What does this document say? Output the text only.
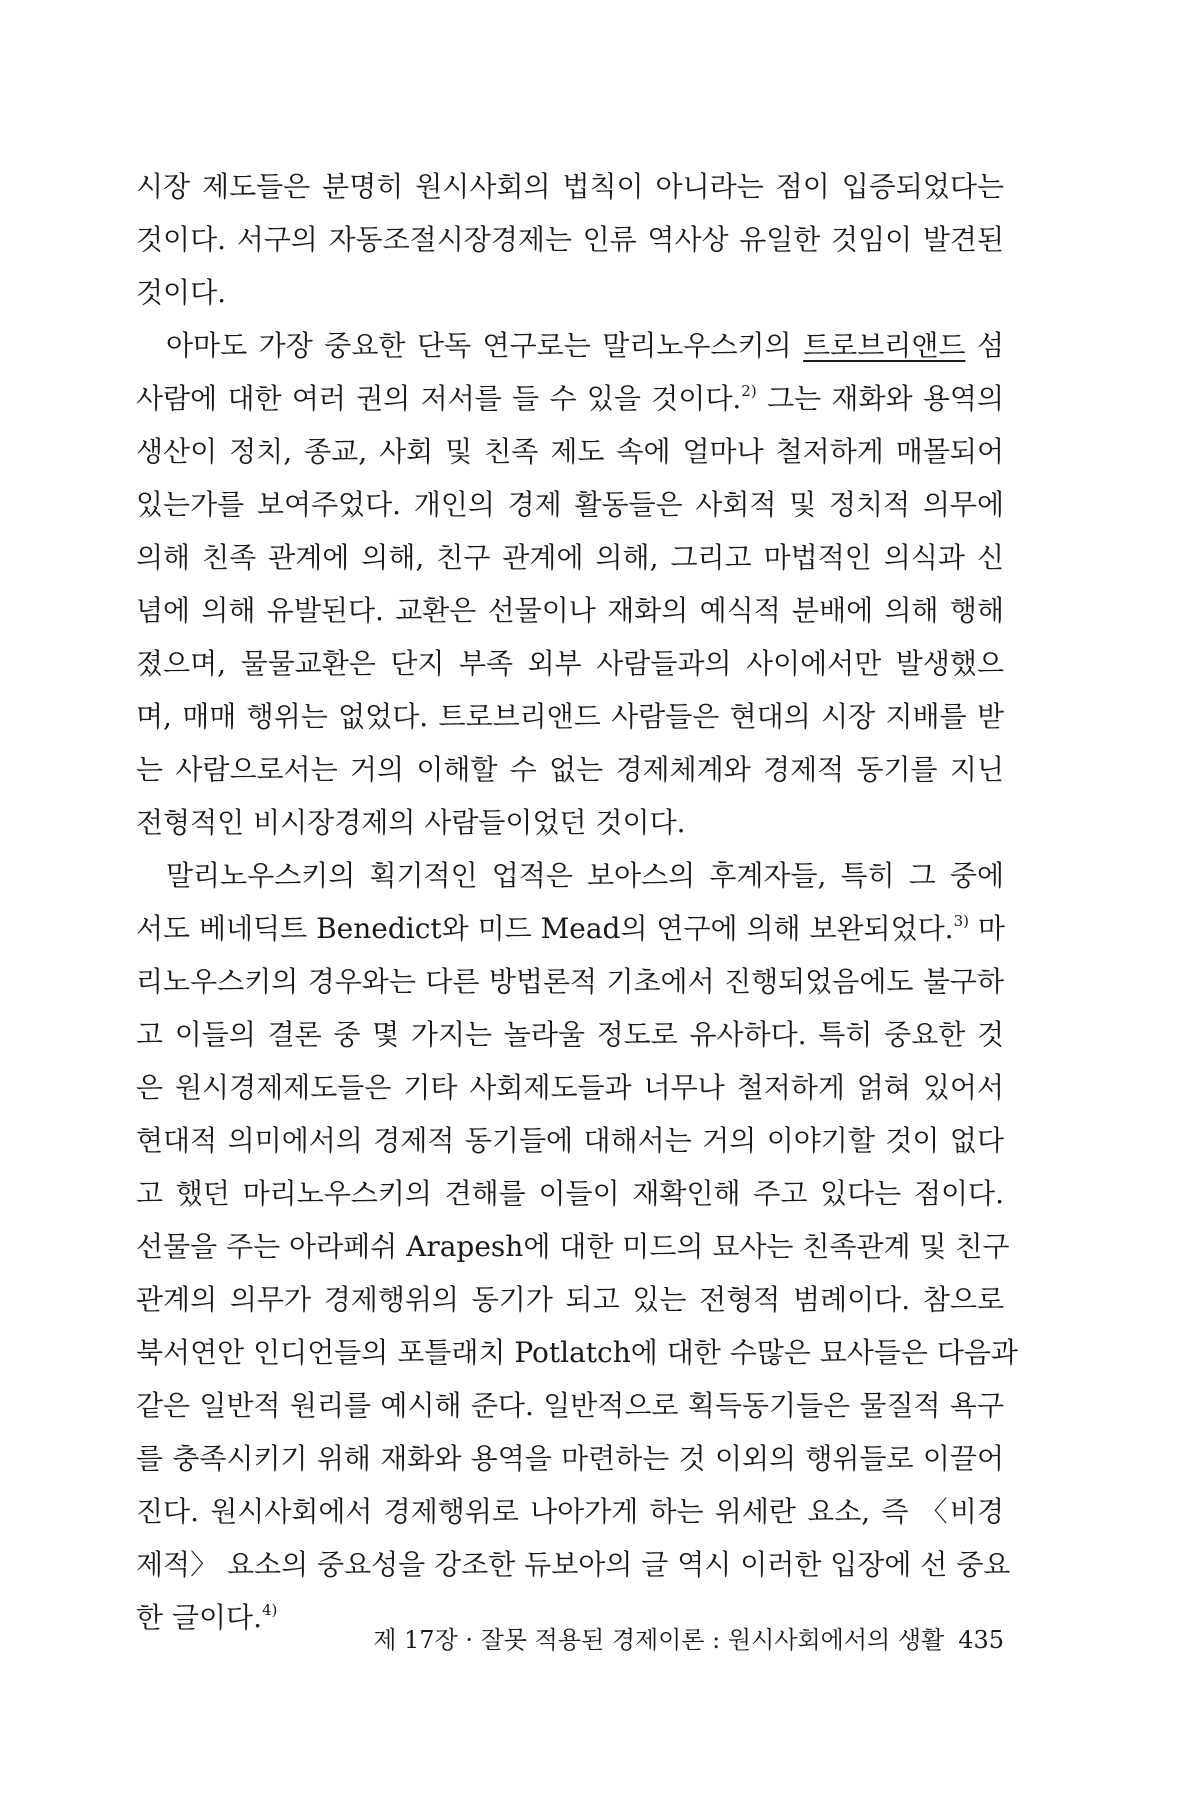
시장 제도들은 분명히 원시사회의 법칙이 아니라는 점이 입증되었다는
것이다. 서구의 자동조절시장경제는 인류 역사상 유일한 것임이 발견된
것이다.
아마도 가장 중요한 단독 연구로는 말리노우스키의 트로브리앤드 섬
사람에 대한 여러 권의 저서를 들 수 있을 것이다.$^{2)}$ 그는 재화와 용역의
생산이 정치, 종교, 사회 및 친족 제도 속에 얼마나 철저하게 매몰되어
있는가를 보여주었다. 개인의 경제 활동들은 사회적 및 정치적 의무에
의해 친족 관계에 의해, 친구 관계에 의해, 그리고 마법적인 의식과 신
념에 의해 유발된다. 교환은 선물이나 재화의 예식적 분배에 의해 행해
졌으며, 물물교환은 단지 부족 외부 사람들과의 사이에서만 발생했으
며, 매매 행위는 없었다. 트로브리앤드 사람들은 현대의 시장 지배를 받
는 사람으로서는 거의 이해할 수 없는 경제체계와 경제적 동기를 지닌
전형적인 비시장경제의 사람들이었던 것이다.
말리노우스키의 획기적인 업적은 보아스의 후계자들, 특히 그 중에
서도 베네딕트 Benedict와 미드 Mead의 연구에 의해 보완되었다.$^{3)}$ 마
리노우스키의 경우와는 다른 방법론적 기초에서 진행되었음에도 불구하
고 이들의 결론 중 몇 가지는 놀라울 정도로 유사하다. 특히 중요한 것
은 원시경제제도들은 기타 사회제도들과 너무나 철저하게 얽혀 있어서
현대적 의미에서의 경제적 동기들에 대해서는 거의 이야기할 것이 없다
고 했던 마리노우스키의 견해를 이들이 재확인해 주고 있다는 점이다.
선물을 주는 아라페쉬 Arapesh에 대한 미드의 묘사는 친족관계 및 친구
관계의 의무가 경제행위의 동기가 되고 있는 전형적 범례이다. 참으로
북서연안 인디언들의 포틀래치 Potlatch에 대한 수많은 묘사들은 다음과
같은 일반적 원리를 예시해 준다. 일반적으로 획득동기들은 물질적 욕구
를 충족시키기 위해 재화와 용역을 마련하는 것 이외의 행위들로 이끌어
진다. 원시사회에서 경제행위로 나아가게 하는 위세란 요소, 즉 〈비경
제적〉 요소의 중요성을 강조한 듀보아의 글 역시 이러한 입장에 선 중요
한 글이다.$^{4)}$
제 17장 · 잘못 적용된 경제이론 : 원시사회에서의 생활 435
